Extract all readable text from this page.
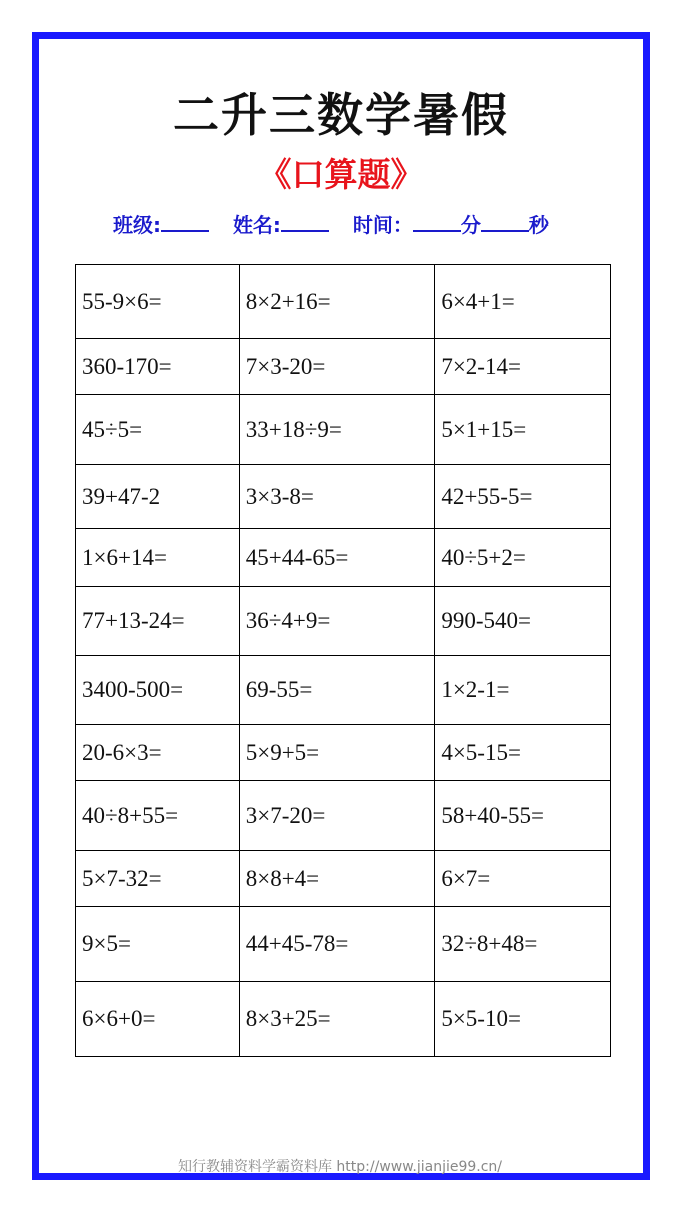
二升三数学暑假
《口算题》
班级:	姓名:	时间： 分 秒
55-9×6=	8×2+16=	6×4+1=
360-170=	7×3-20=	7×2-14=
45÷5=	33+18÷9=	5×1+15=
39+47-2	3×3-8=	42+55-5=
1×6+14=	45+44-65=	40÷5+2=
77+13-24=	36÷4+9=	990-540=
3400-500=	69-55=	1×2-1=
20-6×3=	5×9+5=	4×5-15=
40÷8+55=	3×7-20=	58+40-55=
5×7-32=	8×8+4=	6×7=
9×5=	44+45-78=	32÷8+48=
6×6+0=	8×3+25=	5×5-10=
知行教辅资料学霸资料库 http://www.jianjie99.cn/
